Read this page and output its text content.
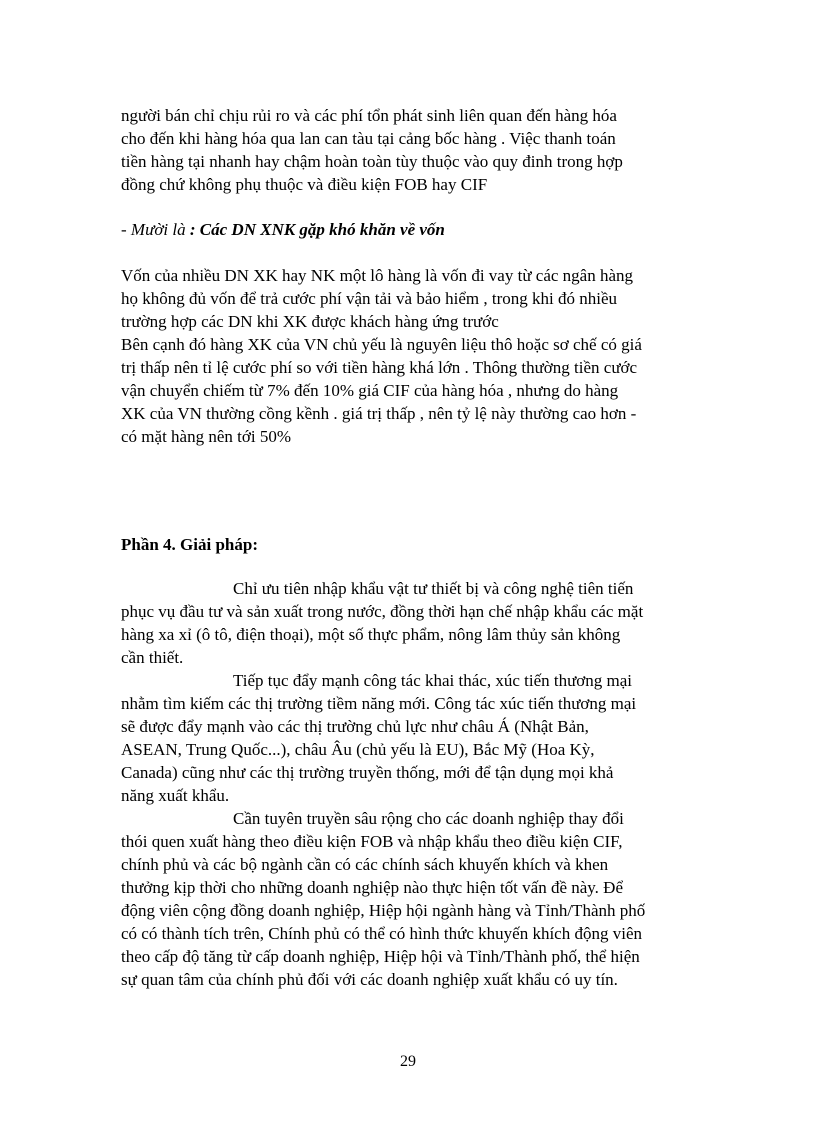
người bán chỉ chịu rủi ro và các phí tổn phát sinh liên quan đến hàng hóa
cho đến khi hàng hóa qua lan can tàu tại cảng bốc hàng . Việc thanh toán
tiền hàng tại nhanh hay chậm hoàn toàn tùy thuộc vào quy đinh trong hợp
đồng chứ không phụ thuộc và điều kiện FOB hay CIF
- Mười là : Các DN XNK gặp khó khăn về vốn
Vốn của nhiều DN XK hay NK một lô hàng là vốn đi vay từ các ngân hàng
họ không đủ vốn để trả cước phí vận tải và bảo hiểm , trong khi đó nhiều
trường hợp các DN khi XK được khách hàng ứng trước
Bên cạnh đó hàng XK của VN chủ yếu là nguyên liệu thô hoặc sơ chế có giá
trị thấp nên tỉ lệ cước phí so với tiền hàng khá lớn . Thông thường tiền cước
vận chuyển chiếm từ 7% đến 10% giá CIF của hàng hóa , nhưng do hàng
XK của VN thường cồng kềnh . giá trị thấp , nên tỷ lệ này thường cao hơn -
có mặt hàng nên tới 50%
Phần 4. Giải pháp:
Chỉ ưu tiên nhập khẩu vật tư thiết bị và công nghệ tiên tiến
phục vụ đầu tư và sản xuất trong nước, đồng thời hạn chế nhập khẩu các mặt
hàng xa xỉ (ô tô, điện thoại), một số thực phẩm, nông lâm thủy sản không
cần thiết.
Tiếp tục đẩy mạnh công tác khai thác, xúc tiến thương mại
nhằm tìm kiếm các thị trường tiềm năng mới. Công tác xúc tiến thương mại
sẽ được đẩy mạnh vào các thị trường chủ lực như châu Á (Nhật Bản,
ASEAN, Trung Quốc...), châu Âu (chủ yếu là EU), Bắc Mỹ (Hoa Kỳ,
Canada) cũng như các thị trường truyền thống, mới để tận dụng mọi khả
năng xuất khẩu.
Cần tuyên truyền sâu rộng cho các doanh nghiệp thay đổi
thói quen xuất hàng theo điều kiện FOB và nhập khẩu theo điều kiện CIF,
chính phủ và các bộ ngành cần có các chính sách khuyến khích và khen
thưởng kịp thời cho những doanh nghiệp nào thực hiện tốt vấn đề này. Để
động viên cộng đồng doanh nghiệp, Hiệp hội ngành hàng và Tỉnh/Thành phố
có có thành tích trên, Chính phủ có thể có hình thức khuyến khích động viên
theo cấp độ tăng từ cấp doanh nghiệp, Hiệp hội và Tỉnh/Thành phố, thể hiện
sự quan tâm của chính phủ đối với các doanh nghiệp xuất khẩu có uy tín.
29
